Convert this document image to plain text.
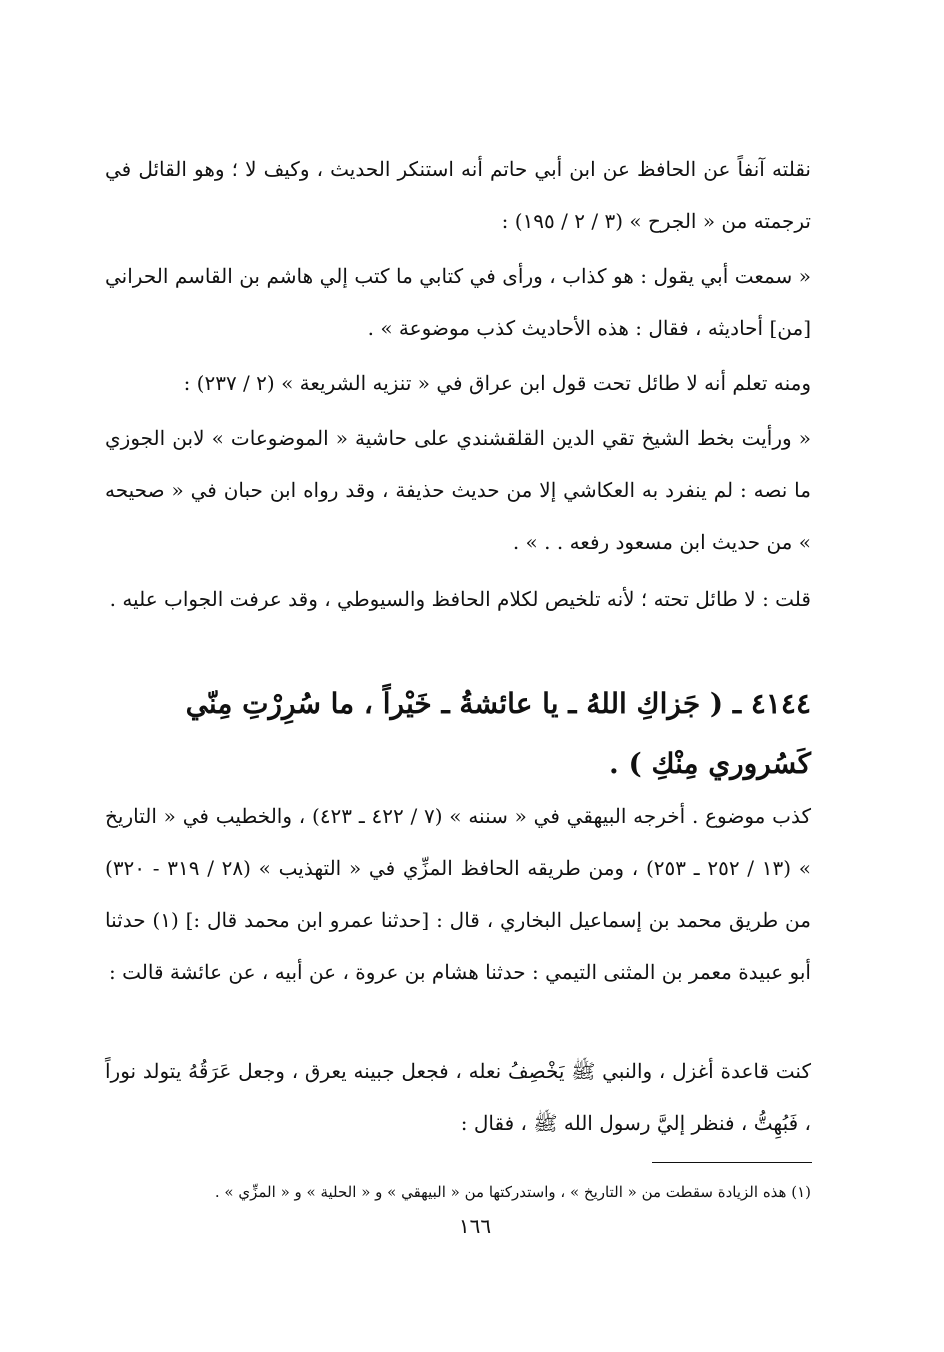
نقلته آنفاً عن الحافظ عن ابن أبي حاتم أنه استنكر الحديث ، وكيف لا ؛ وهو القائل في ترجمته من « الجرح » (٣ / ٢ / ١٩٥) :

« سمعت أبي يقول : هو كذاب ، ورأى في كتابي ما كتب إلي هاشم بن القاسم الحراني [من] أحاديثه ، فقال : هذه الأحاديث كذب موضوعة » .

ومنه تعلم أنه لا طائل تحت قول ابن عراق في « تنزيه الشريعة » (٢ / ٢٣٧) :

« ورأيت بخط الشيخ تقي الدين القلقشندي على حاشية « الموضوعات » لابن الجوزي ما نصه : لم ينفرد به العكاشي إلا من حديث حذيفة ، وقد رواه ابن حبان في « صحيحه » من حديث ابن مسعود رفعه . . » .

قلت : لا طائل تحته ؛ لأنه تلخيص لكلام الحافظ والسيوطي ، وقد عرفت الجواب عليه .

٤١٤٤ ـ ( جَزاكِ اللهُ ـ يا عائشةُ ـ خَيْراً ، ما سُرِرْتِ مِنّي كَسُروري مِنْكِ ) .

كذب موضوع . أخرجه البيهقي في « سننه » (٧ / ٤٢٢ ـ ٤٢٣) ، والخطيب في « التاريخ » (١٣ / ٢٥٢ ـ ٢٥٣) ، ومن طريقه الحافظ المزِّي في « التهذيب » (٢٨ / ٣١٩ - ٣٢٠) من طريق محمد بن إسماعيل البخاري ، قال : [حدثنا عمرو ابن محمد قال :] (١) حدثنا أبو عبيدة معمر بن المثنى التيمي : حدثنا هشام بن عروة ، عن أبيه ، عن عائشة قالت :

كنت قاعدة أغزل ، والنبي ﷺ يَخْصِفُ نعله ، فجعل جبينه يعرق ، وجعل عَرَقُهُ يتولد نوراً ، فَبُهِتُّ ، فنظر إليَّ رسول الله ﷺ ، فقال :

(١) هذه الزيادة سقطت من « التاريخ » ، واستدركتها من « البيهقي » و « الحلية » و « المزِّي » .

١٦٦
